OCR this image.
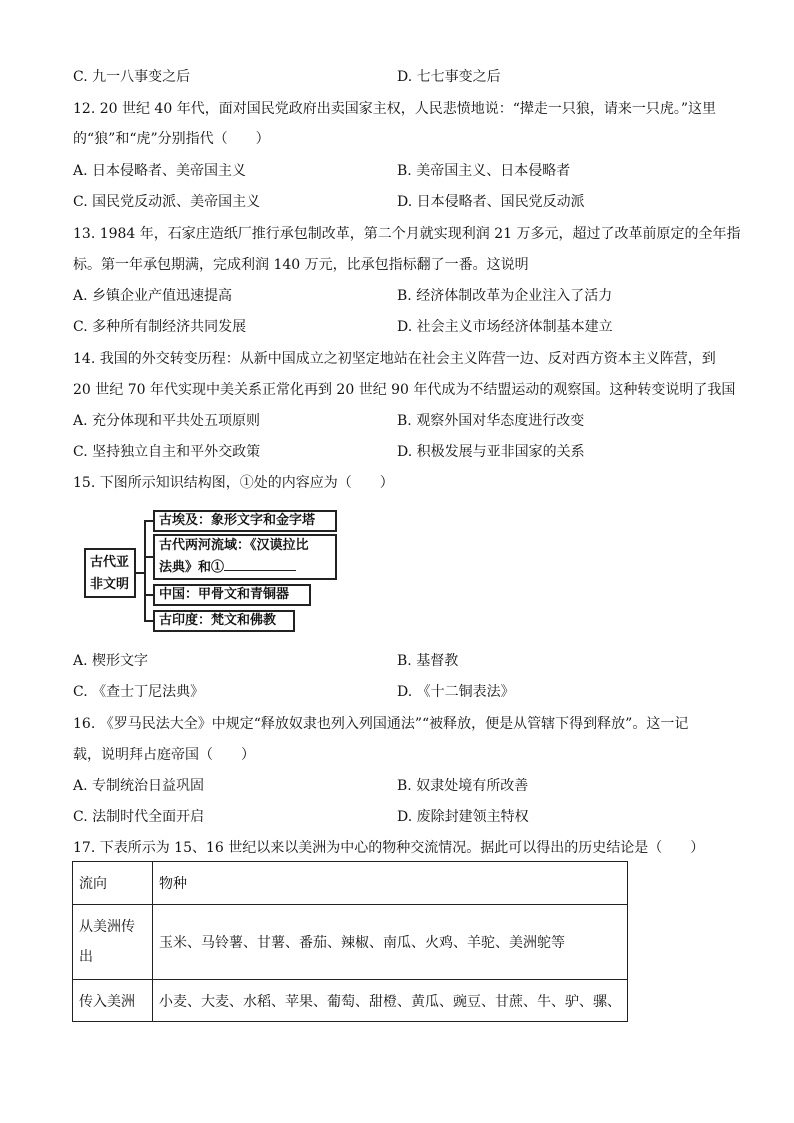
C. 九一八事变之后	D. 七七事变之后
12. 20 世纪 40 年代，面对国民党政府出卖国家主权，人民悲愤地说：“撵走一只狼，请来一只虎。”这里
的“狼”和“虎”分别指代（　　）
A. 日本侵略者、美帝国主义	B. 美帝国主义、日本侵略者
C. 国民党反动派、美帝国主义	D. 日本侵略者、国民党反动派
13. 1984 年，石家庄造纸厂推行承包制改革，第二个月就实现利润 21 万多元，超过了改革前原定的全年指
标。第一年承包期满，完成利润 140 万元，比承包指标翻了一番。这说明
A. 乡镇企业产值迅速提高	B. 经济体制改革为企业注入了活力
C. 多种所有制经济共同发展	D. 社会主义市场经济体制基本建立
14. 我国的外交转变历程：从新中国成立之初坚定地站在社会主义阵营一边、反对西方资本主义阵营，到
20 世纪 70 年代实现中美关系正常化再到 20 世纪 90 年代成为不结盟运动的观察国。这种转变说明了我国
A. 充分体现和平共处五项原则	B. 观察外国对华态度进行改变
C. 坚持独立自主和平外交政策	D. 积极发展与亚非国家的关系
15. 下图所示知识结构图，①处的内容应为（　　）
古代亚非文明
古埃及：象形文字和金字塔
古代两河流域：《汉谟拉比
法典》和①
中国：甲骨文和青铜器
古印度：梵文和佛教
A. 楔形文字	B. 基督教
C. 《查士丁尼法典》	D. 《十二铜表法》
16. 《罗马民法大全》中规定“释放奴隶也列入列国通法”“被释放，便是从管辖下得到释放”。这一记
载，说明拜占庭帝国（　　）
A. 专制统治日益巩固	B. 奴隶处境有所改善
C. 法制时代全面开启	D. 废除封建领主特权
17. 下表所示为 15、16 世纪以来以美洲为中心的物种交流情况。据此可以得出的历史结论是（　　）
流向	物种
从美洲传
出	玉米、马铃薯、甘薯、番茄、辣椒、南瓜、火鸡、羊驼、美洲鸵等
传入美洲	小麦、大麦、水稻、苹果、葡萄、甜橙、黄瓜、豌豆、甘蔗、牛、驴、骡、
